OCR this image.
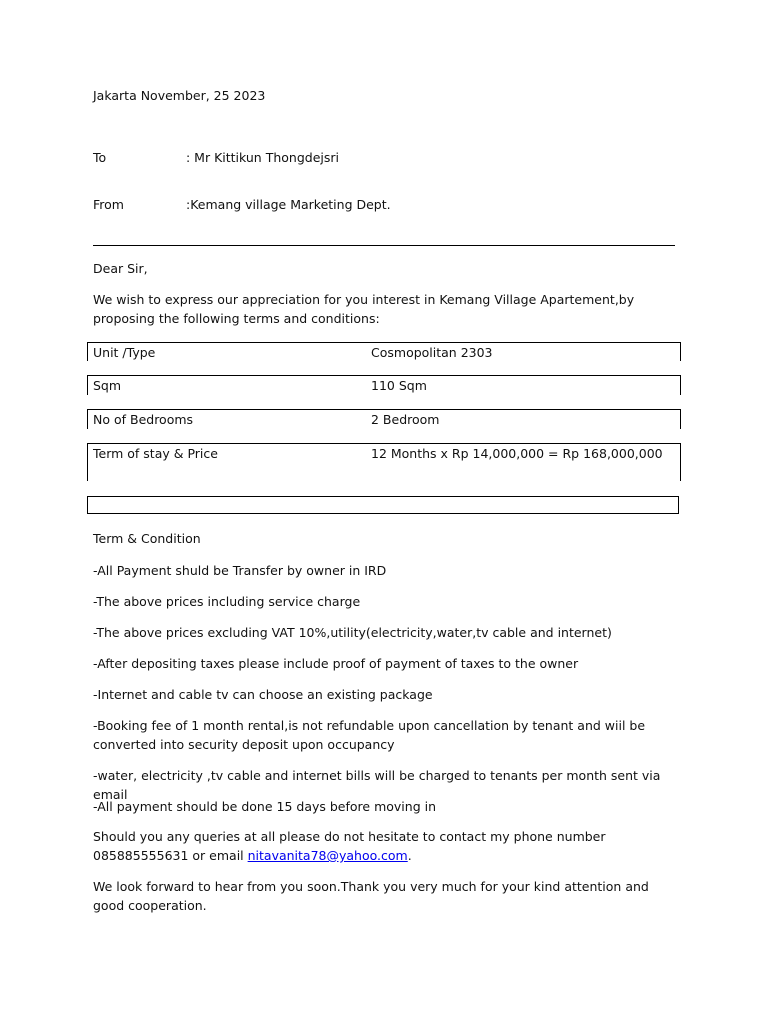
Jakarta November, 25 2023
To	: Mr Kittikun Thongdejsri
From	:Kemang village Marketing Dept.
Dear Sir,
We wish to express our appreciation for you interest in Kemang Village Apartement,by proposing the following terms and conditions:
Unit /Type	Cosmopolitan 2303
Sqm	110 Sqm
No of Bedrooms	2 Bedroom
Term of stay & Price	12 Months x Rp 14,000,000 = Rp 168,000,000
Term & Condition
-All Payment shuld be Transfer by owner in IRD
-The above prices including service charge
-The above prices excluding VAT 10%,utility(electricity,water,tv cable and internet)
-After depositing taxes please include proof of payment of taxes to the owner
-Internet and cable tv can choose an existing package
-Booking fee of 1 month rental,is not refundable upon cancellation by tenant and wiil be converted into security deposit upon occupancy
-water, electricity ,tv cable and internet bills will be charged to tenants per month sent via email
-All payment should be done 15 days before moving in
Should you any queries at all please do not hesitate to contact my phone number 085885555631 or email nitavanita78@yahoo.com.
We look forward to hear from you soon.Thank you very much for your kind attention and good cooperation.
